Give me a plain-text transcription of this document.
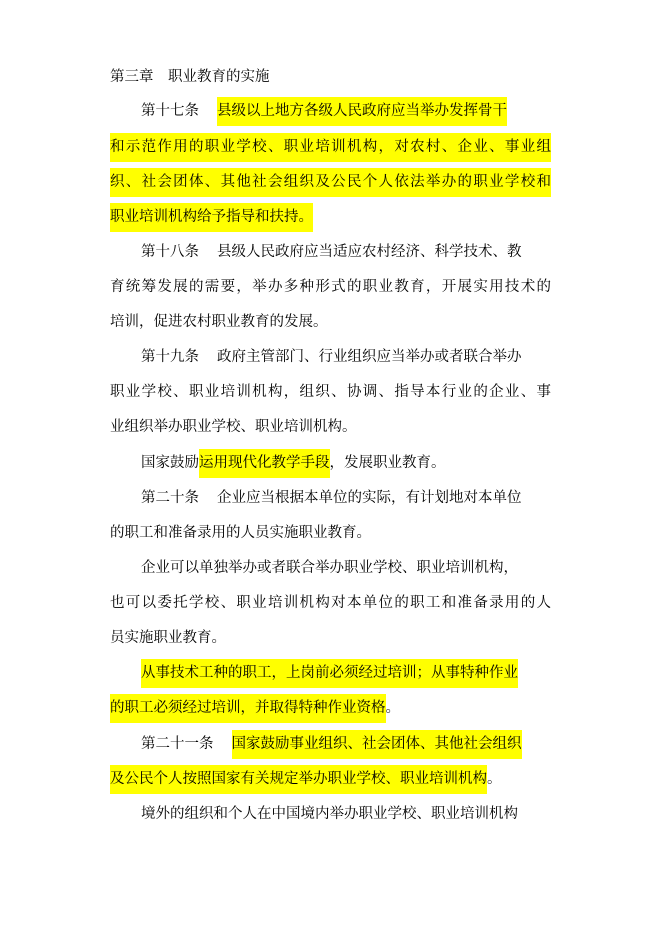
第三章　职业教育的实施
第十七条 县级以上地方各级人民政府应当举办发挥骨干
和示范作用的职业学校、职业培训机构，对农村、企业、事业组
织、社会团体、其他社会组织及公民个人依法举办的职业学校和
职业培训机构给予指导和扶持。
第十八条 县级人民政府应当适应农村经济、科学技术、教
育统筹发展的需要，举办多种形式的职业教育，开展实用技术的
培训，促进农村职业教育的发展。
第十九条 政府主管部门、行业组织应当举办或者联合举办
职业学校、职业培训机构，组织、协调、指导本行业的企业、事
业组织举办职业学校、职业培训机构。
国家鼓励运用现代化教学手段，发展职业教育。
第二十条 企业应当根据本单位的实际，有计划地对本单位
的职工和准备录用的人员实施职业教育。
企业可以单独举办或者联合举办职业学校、职业培训机构，
也可以委托学校、职业培训机构对本单位的职工和准备录用的人
员实施职业教育。
从事技术工种的职工，上岗前必须经过培训；从事特种作业
的职工必须经过培训，并取得特种作业资格。
第二十一条 国家鼓励事业组织、社会团体、其他社会组织
及公民个人按照国家有关规定举办职业学校、职业培训机构。
境外的组织和个人在中国境内举办职业学校、职业培训机构
